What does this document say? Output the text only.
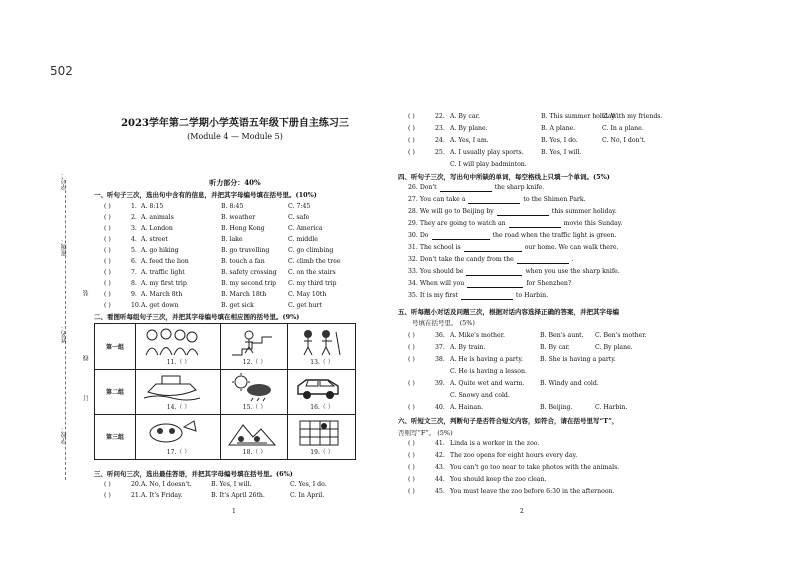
502
学号：
班级：
姓名：
学校：
装
订
线
2023学年第二学期小学英语五年级下册自主练习三
(Module 4 — Module 5)
听力部分：40%
一、听句子三次，选出句中含有的信息，并把其字母编号填在括号里。(10%)
( )	1. A. 8:15	B. 8:45	C. 7:45
( )	2. A. animals	B. weather	C. safe
( )	3. A. London	B. Hong Kong	C. America
( )	4. A. street	B. lake	C. middle
( )	5. A. go hiking	B. go travelling	C. go climbing
( )	6. A. feed the lion	B. touch a fan	C. climb the tree
( )	7. A. traffic light	B. safety crossing C. on the stairs
( )	8. A. my first trip	B. my second trip C. my third trip
( )	9. A. March 8th	B. March 18th	C. May 10th
( )	10. A. get down	B. get sick	C. get hurt
二、看图听每组句子三次，并把其字母编号填在相应图的括号里。(9%)
第一组
11.（ ）	12.（ ）	13.（ ）
第二组
14.（ ）	15.（ ）	16.（ ）
第三组
17.（ ）	18.（ ）	19.（ ）
三、听问句三次，选出最佳答语，并把其字母编号填在括号里。(6%)
( )	20. A. No, I doesn't.	B. Yes, I will.	C. Yes, I do.
( )	21. A. It's Friday.	B. It's April 26th.	C. In April.
1
( )	22. A. By car.	B. This summer holiday.
C. With my friends.
( )	23. A. By plane.	B. A plane.	C. In a plane.
( )	24. A. Yes, I am.	B. Yes, I do.	C. No, I don't.
( )	25. A. I usually play sports.	B. Yes, I will.
C. I will play badminton.
四、听句子三次，写出句中所缺的单词，每空格线上只填一个单词。(5%)
26. Don't	the sharp knife.
27. You can take a	to the Shimen Park.
28. We will go to Beijing by	this summer holiday.
29. They are going to watch an	movie this Sunday.
30. Do	the road when the traffic light is green.
31. The school is	our home. We can walk there.
32. Don't take the candy from the	.
33. You should be	when you use the sharp knife.
34. When will you	for Shenzhen?
35. It is my first	to Harbin.
五、听每题小对话及问题三次，根据对话内容选择正确的答案，并把其字母编
号填在括号里。 (5%)
( )	36. A. Mike's mother.	B. Ben's aunt. C. Ben's mother.
( )	37. A. By train.	B. By car.	C. By plane.
( )	38. A. He is having a party.	B. She is having a party.
C. He is having a lesson.
( )	39. A. Quite wet and warm.	B. Windy and cold.
C. Snowy and cold.
( )	40. A. Hainan.	B. Beijing.	C. Harbin.
六、听短文三次，判断句子是否符合短文内容，如符合，请在括号里写“T”，
否则写“F”。 (5%)
( )	41. Linda is a worker in the zoo.
( )	42. The zoo opens for eight hours every day.
( )	43. You can't go too near to take photos with the animals.
( )	44. You should keep the zoo clean.
( )	45. You must leave the zoo before 6:30 in the afternoon.
2
